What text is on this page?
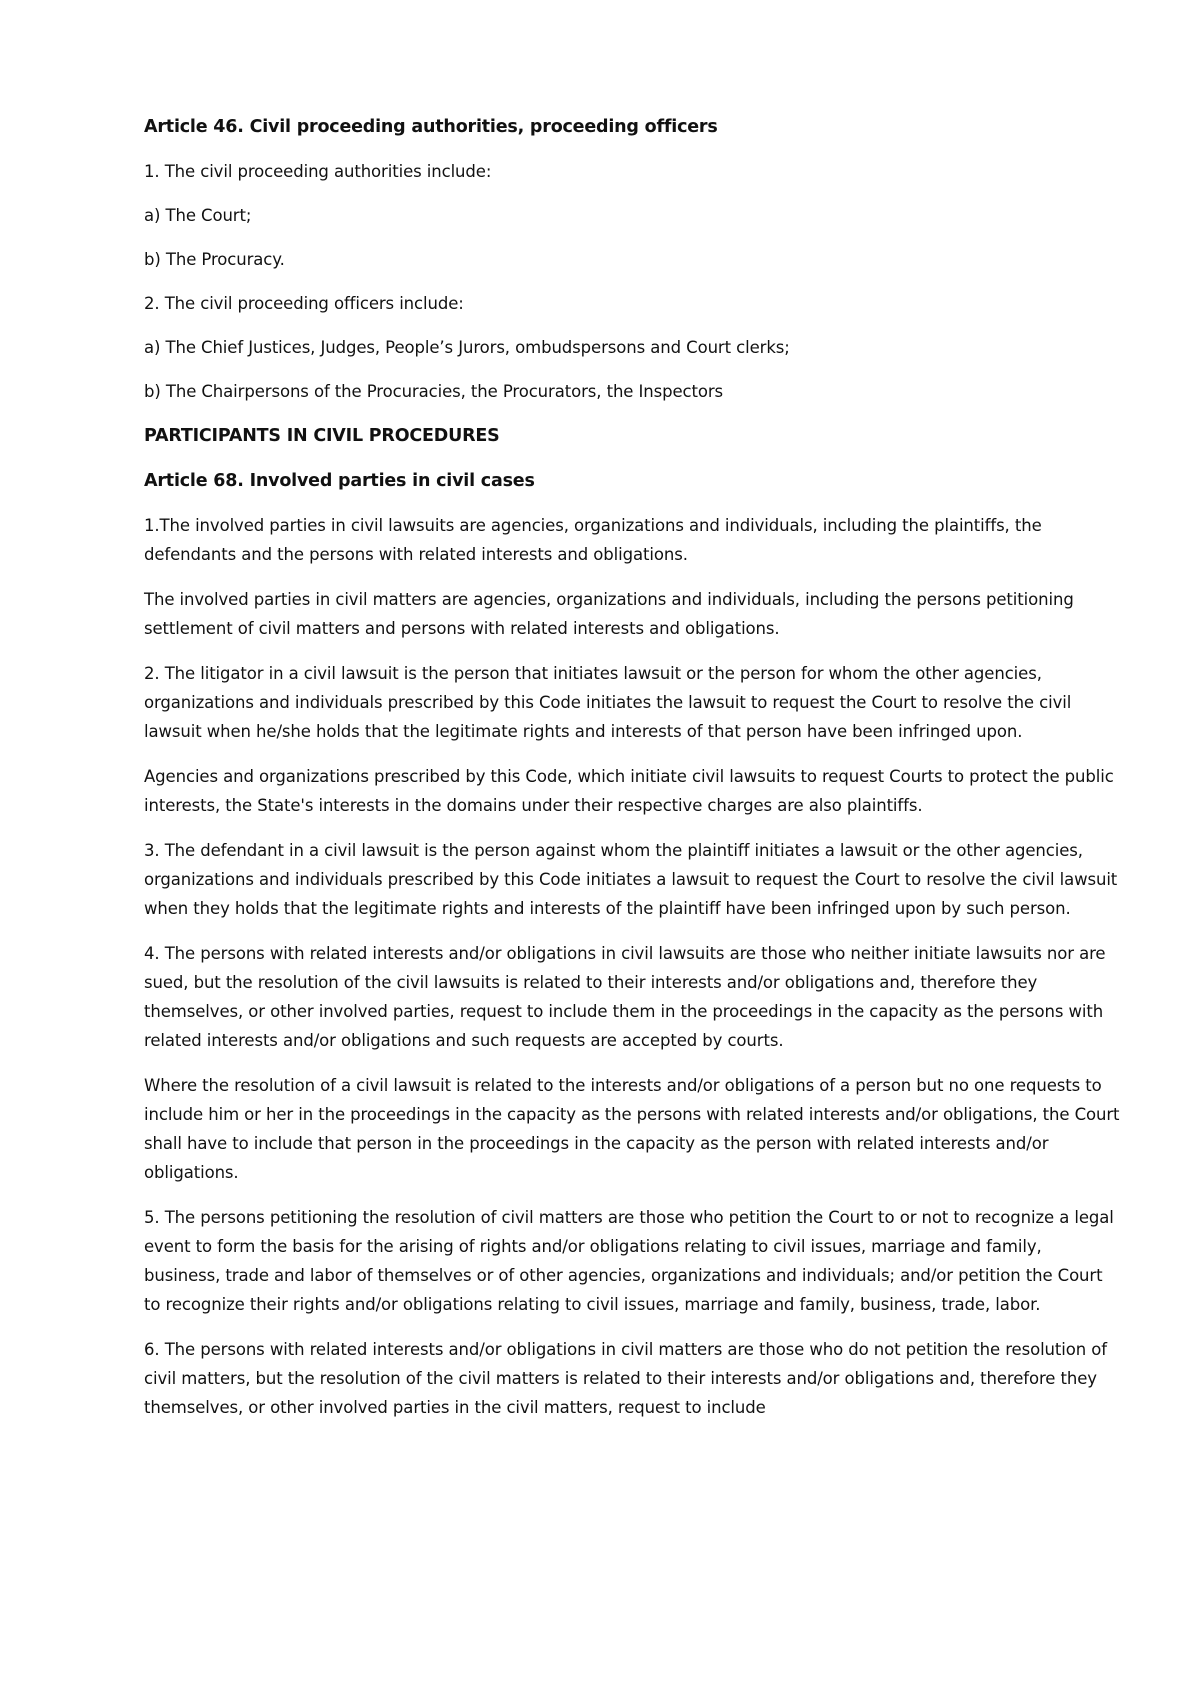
Article 46. Civil proceeding authorities, proceeding officers

1. The civil proceeding authorities include:

a) The Court;

b) The Procuracy.

2. The civil proceeding officers include:

a) The Chief Justices, Judges, People’s Jurors, ombudspersons and Court clerks;

b) The Chairpersons of the Procuracies, the Procurators, the Inspectors

PARTICIPANTS IN CIVIL PROCEDURES
Article 68. Involved parties in civil cases

1.The involved parties in civil lawsuits are agencies, organizations and individuals, including the plaintiffs, the defendants and the persons with related interests and obligations.

The involved parties in civil matters are agencies, organizations and individuals, including the persons petitioning settlement of civil matters and persons with related interests and obligations.

2. The litigator in a civil lawsuit is the person that initiates lawsuit or the person for whom the other agencies, organizations and individuals prescribed by this Code initiates the lawsuit to request the Court to resolve the civil lawsuit when he/she holds that the legitimate rights and interests of that person have been infringed upon.

Agencies and organizations prescribed by this Code, which initiate civil lawsuits to request Courts to protect the public interests, the State's interests in the domains under their respective charges are also plaintiffs.

3. The defendant in a civil lawsuit is the person against whom the plaintiff initiates a lawsuit or the other agencies, organizations and individuals prescribed by this Code initiates a lawsuit to request the Court to resolve the civil lawsuit when they holds that the legitimate rights and interests of the plaintiff have been infringed upon by such person.

4. The persons with related interests and/or obligations in civil lawsuits are those who neither initiate lawsuits nor are sued, but the resolution of the civil lawsuits is related to their interests and/or obligations and, therefore they themselves, or other involved parties, request to include them in the proceedings in the capacity as the persons with related interests and/or obligations and such requests are accepted by courts.

Where the resolution of a civil lawsuit is related to the interests and/or obligations of a person but no one requests to include him or her in the proceedings in the capacity as the persons with related interests and/or obligations, the Court shall have to include that person in the proceedings in the capacity as the person with related interests and/or obligations.

5. The persons petitioning the resolution of civil matters are those who petition the Court to or not to recognize a legal event to form the basis for the arising of rights and/or obligations relating to civil issues, marriage and family, business, trade and labor of themselves or of other agencies, organizations and individuals; and/or petition the Court to recognize their rights and/or obligations relating to civil issues, marriage and family, business, trade, labor.

6. The persons with related interests and/or obligations in civil matters are those who do not petition the resolution of civil matters, but the resolution of the civil matters is related to their interests and/or obligations and, therefore they themselves, or other involved parties in the civil matters, request to include
